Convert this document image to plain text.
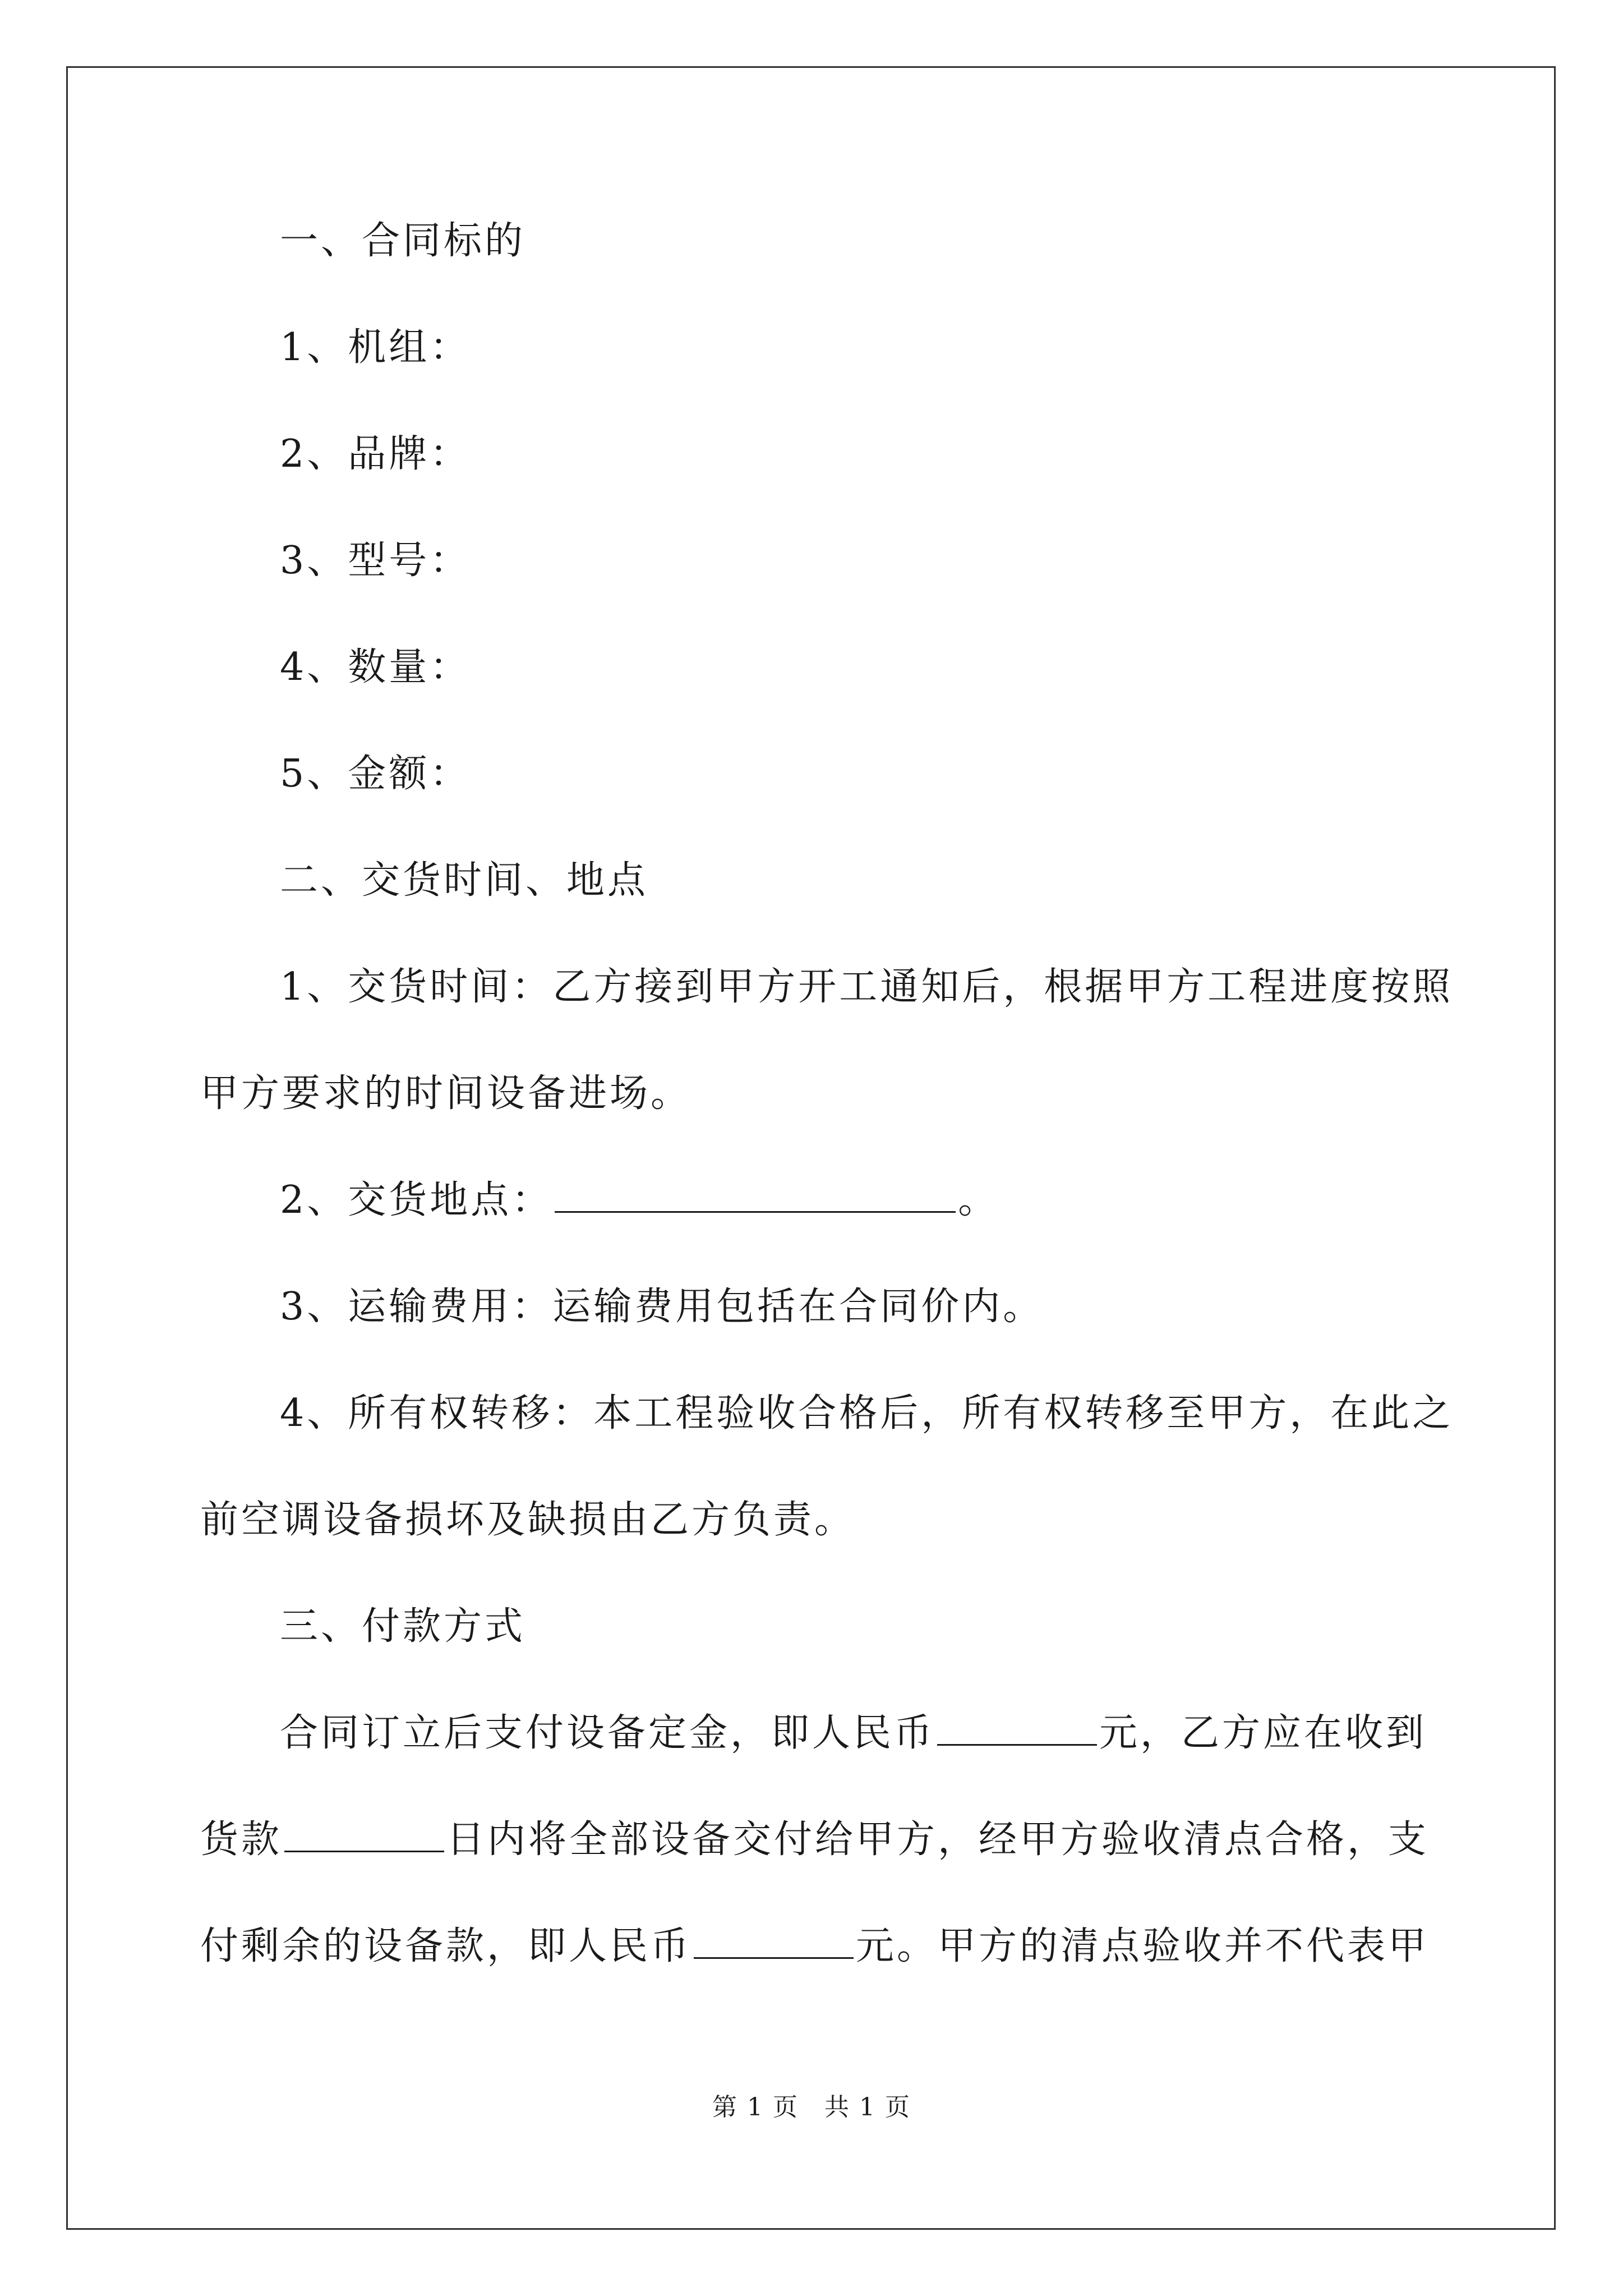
一、合同标的
1、机组：
2、品牌：
3、型号：
4、数量：
5、金额：
二、交货时间、地点
1、交货时间：乙方接到甲方开工通知后，根据甲方工程进度按照
甲方要求的时间设备进场。
2、交货地点：	。
3、运输费用：运输费用包括在合同价内。
4、所有权转移：本工程验收合格后，所有权转移至甲方，在此之
前空调设备损坏及缺损由乙方负责。
三、付款方式
合同订立后支付设备定金，即人民币	元，乙方应在收到
货款	日内将全部设备交付给甲方，经甲方验收清点合格，支
付剩余的设备款，即人民币	元。甲方的清点验收并不代表甲
第 1 页　共 1 页
